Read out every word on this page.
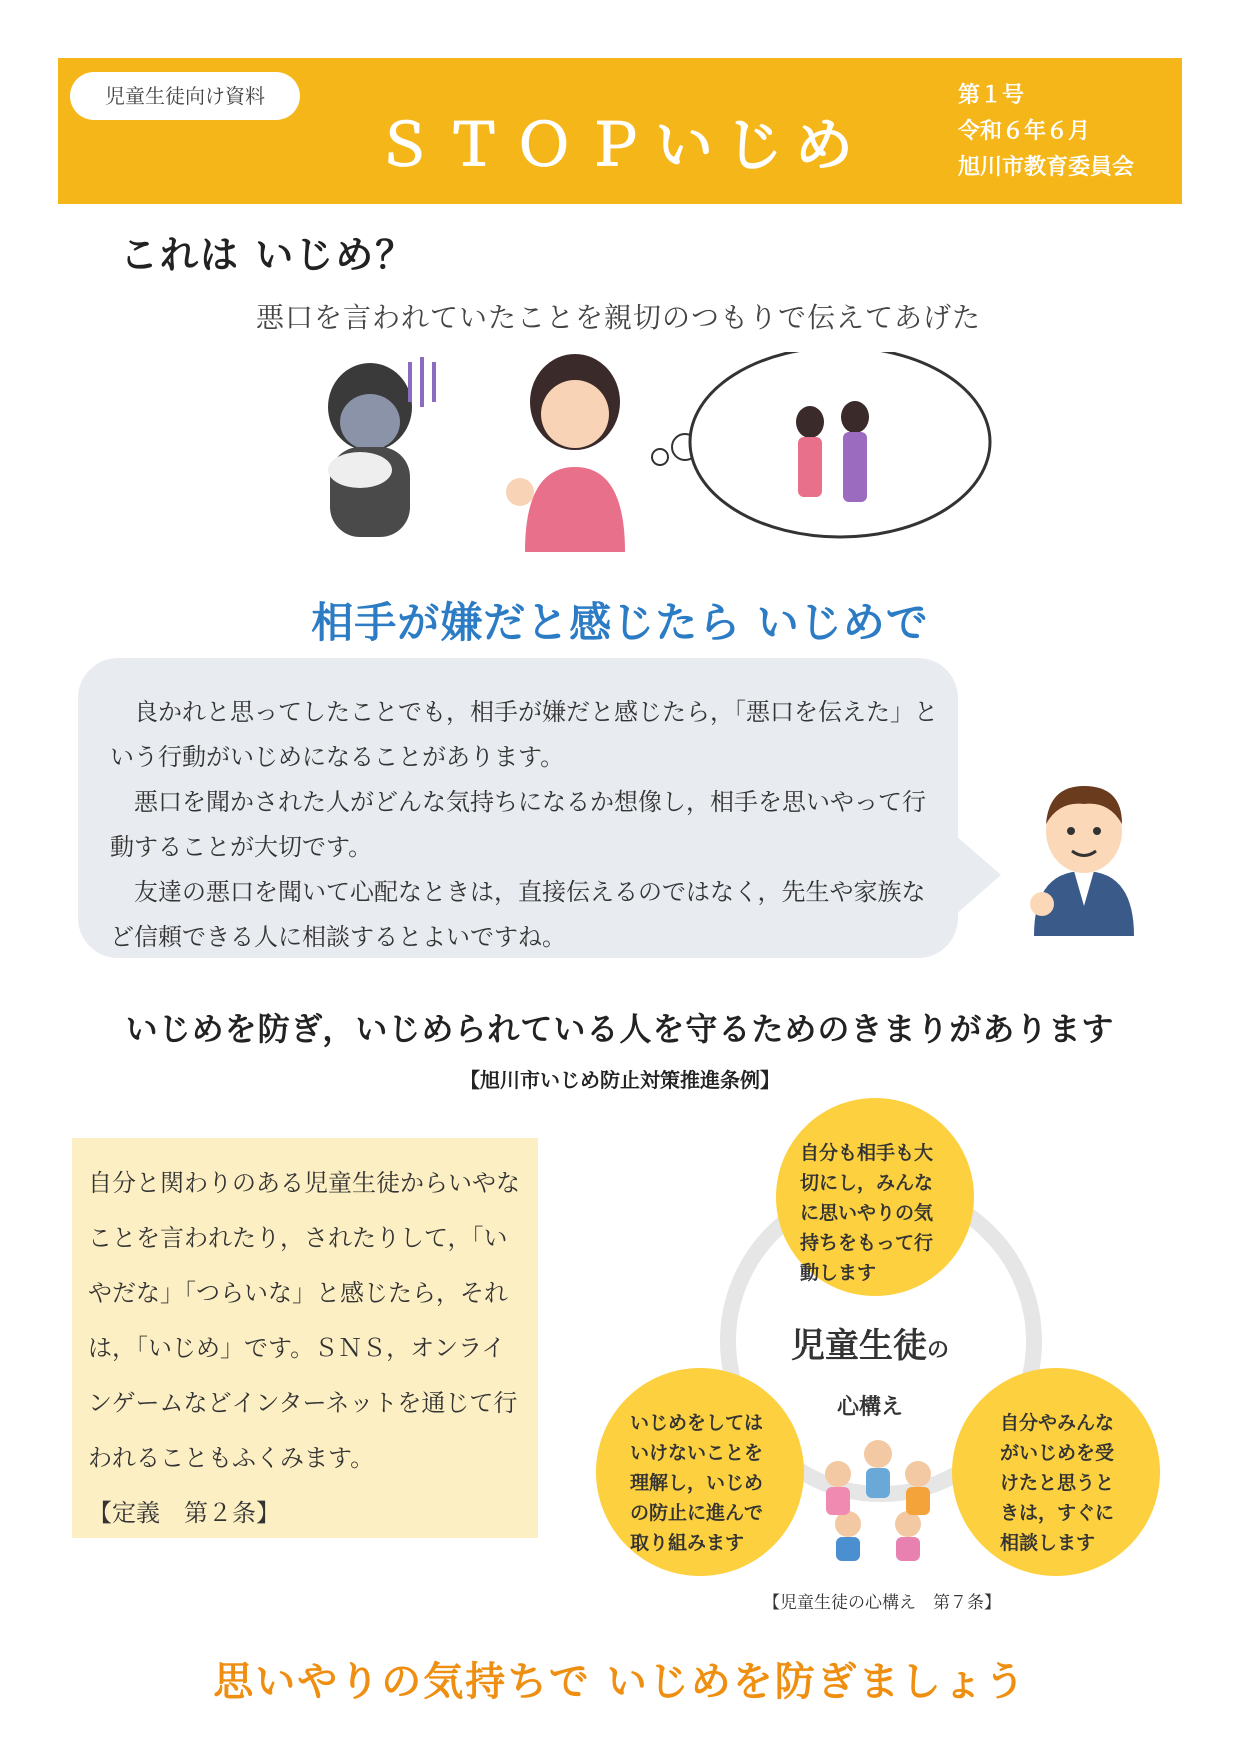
児童生徒向け資料
ＳＴＯＰいじめ
第１号
令和６年６月
旭川市教育委員会
これは いじめ？
悪口を言われていたことを親切のつもりで伝えてあげた
相手が嫌だと感じたら いじめで

良かれと思ってしたことでも，相手が嫌だと感じたら，「悪口を伝えた」という行動がいじめになることがあります。

悪口を聞かされた人がどんな気持ちになるか想像し，相手を思いやって行動することが大切です。

友達の悪口を聞いて心配なときは，直接伝えるのではなく，先生や家族など信頼できる人に相談するとよいですね。

いじめを防ぎ，いじめられている人を守るためのきまりがあります
【旭川市いじめ防止対策推進条例】

自分と関わりのある児童生徒からいやなことを言われたり，されたりして，「いやだな」「つらいな」と感じたら，それは，「いじめ」です。ＳＮＳ，オンラインゲームなどインターネットを通じて行われることもふくみます。

【定義　第２条】

自分も相手も大切にし，みんなに思いやりの気持ちをもって行動します
いじめをしてはいけないことを理解し，いじめの防止に進んで取り組みます
自分やみんながいじめを受けたと思うときは，すぐに相談します
児童生徒の
心構え
【児童生徒の心構え　第７条】
思いやりの気持ちで いじめを防ぎましょう
